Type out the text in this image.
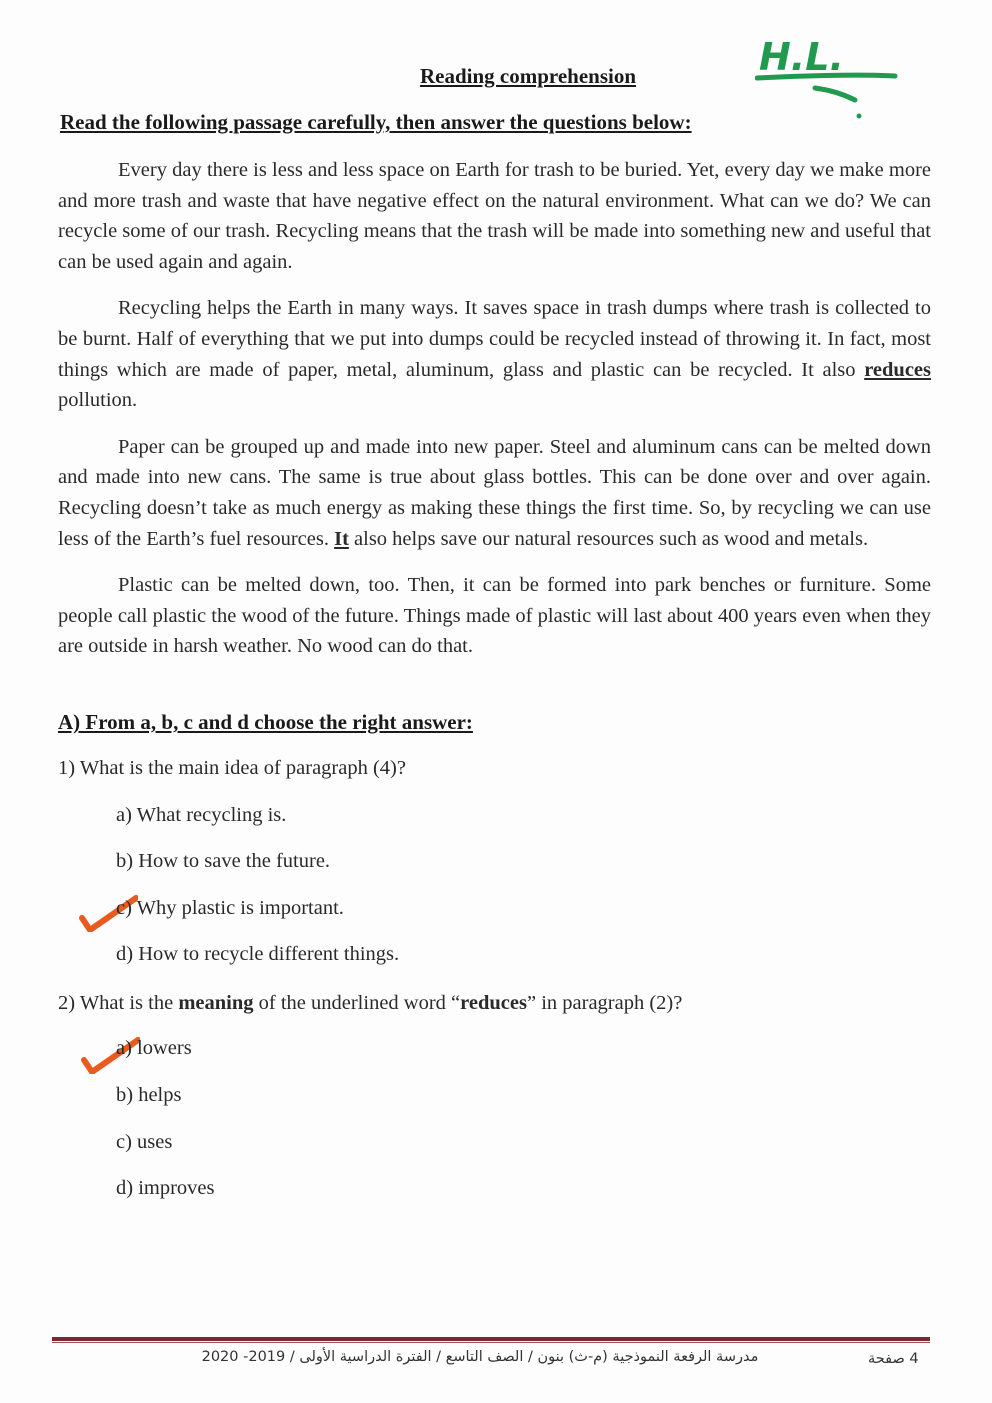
Reading comprehension	H.L.
Read the following passage carefully, then answer the questions below:

Every day there is less and less space on Earth for trash to be buried. Yet, every day we make more and more trash and waste that have negative effect on the natural environment. What can we do? We can recycle some of our trash. Recycling means that the trash will be made into something new and useful that can be used again and again.

Recycling helps the Earth in many ways. It saves space in trash dumps where trash is collected to be burnt. Half of everything that we put into dumps could be recycled instead of throwing it. In fact, most things which are made of paper, metal, aluminum, glass and plastic can be recycled. It also reduces pollution.

Paper can be grouped up and made into new paper. Steel and aluminum cans can be melted down and made into new cans. The same is true about glass bottles. This can be done over and over again. Recycling doesn’t take as much energy as making these things the first time. So, by recycling we can use less of the Earth’s fuel resources. It also helps save our natural resources such as wood and metals.

Plastic can be melted down, too. Then, it can be formed into park benches or furniture. Some people call plastic the wood of the future. Things made of plastic will last about 400 years even when they are outside in harsh weather. No wood can do that.

A) From a, b, c and d choose the right answer:
1) What is the main idea of paragraph (4)?
a) What recycling is.
b) How to save the future.
c) Why plastic is important.
d) How to recycle different things.
2) What is the meaning of the underlined word “reduces” in paragraph (2)?
a) lowers
b) helps
c) uses
d) improves
مدرسة الرفعة النموذجية (م-ث) بنون / الصف التاسع / الفترة الدراسية الأولى / 2019- 2020	4 صفحة
